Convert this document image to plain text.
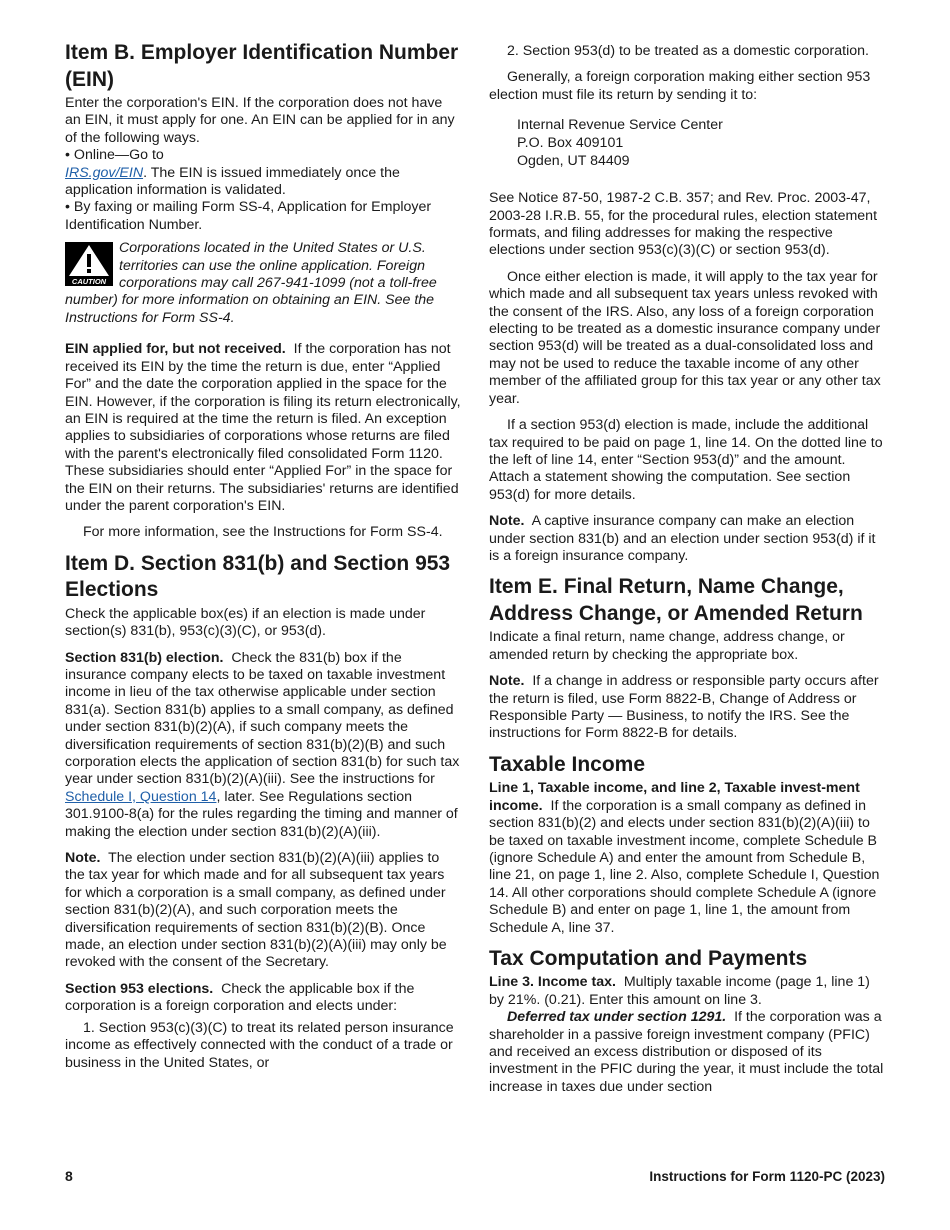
Item B. Employer Identification Number (EIN)

Enter the corporation's EIN. If the corporation does not have an EIN, it must apply for one. An EIN can be applied for in any of the following ways.

• Online—Go to
IRS.gov/EIN. The EIN is issued immediately once the application information is validated.
• By faxing or mailing Form SS-4, Application for Employer Identification Number.
CAUTION
Corporations located in the United States or U.S. territories can use the online application. Foreign corporations may call 267-941-1099 (not a toll-free number) for more information on obtaining an EIN. See the Instructions for Form SS-4.

EIN applied for, but not received. If the corporation has not received its EIN by the time the return is due, enter “Applied For” and the date the corporation applied in the space for the EIN. However, if the corporation is filing its return electronically, an EIN is required at the time the return is filed. An exception applies to subsidiaries of corporations whose returns are filed with the parent's electronically filed consolidated Form 1120. These subsidiaries should enter “Applied For” in the space for the EIN on their returns. The subsidiaries' returns are identified under the parent corporation's EIN.

For more information, see the Instructions for Form SS-4.

Item D. Section 831(b) and Section 953 Elections

Check the applicable box(es) if an election is made under section(s) 831(b), 953(c)(3)(C), or 953(d).

Section 831(b) election. Check the 831(b) box if the insurance company elects to be taxed on taxable investment income in lieu of the tax otherwise applicable under section 831(a). Section 831(b) applies to a small company, as defined under section 831(b)(2)(A), if such company meets the diversification requirements of section 831(b)(2)(B) and such corporation elects the application of section 831(b) for such tax year under section 831(b)(2)(A)(iii). See the instructions for Schedule I, Question 14, later. See Regulations section 301.9100-8(a) for the rules regarding the timing and manner of making the election under section 831(b)(2)(A)(iii).

Note. The election under section 831(b)(2)(A)(iii) applies to the tax year for which made and for all subsequent tax years for which a corporation is a small company, as defined under section 831(b)(2)(A), and such corporation meets the diversification requirements of section 831(b)(2)(B). Once made, an election under section 831(b)(2)(A)(iii) may only be revoked with the consent of the Secretary.

Section 953 elections. Check the applicable box if the corporation is a foreign corporation and elects under:

1. Section 953(c)(3)(C) to treat its related person insurance income as effectively connected with the conduct of a trade or business in the United States, or

2. Section 953(d) to be treated as a domestic corporation.

Generally, a foreign corporation making either section 953 election must file its return by sending it to:

Internal Revenue Service Center
P.O. Box 409101
Ogden, UT 84409

See Notice 87-50, 1987-2 C.B. 357; and Rev. Proc. 2003-47, 2003-28 I.R.B. 55, for the procedural rules, election statement formats, and filing addresses for making the respective elections under section 953(c)(3)(C) or section 953(d).

Once either election is made, it will apply to the tax year for which made and all subsequent tax years unless revoked with the consent of the IRS. Also, any loss of a foreign corporation electing to be treated as a domestic insurance company under section 953(d) will be treated as a dual-consolidated loss and may not be used to reduce the taxable income of any other member of the affiliated group for this tax year or any other tax year.

If a section 953(d) election is made, include the additional tax required to be paid on page 1, line 14. On the dotted line to the left of line 14, enter “Section 953(d)” and the amount. Attach a statement showing the computation. See section 953(d) for more details.

Note. A captive insurance company can make an election under section 831(b) and an election under section 953(d) if it is a foreign insurance company.

Item E. Final Return, Name Change, Address Change, or Amended Return

Indicate a final return, name change, address change, or amended return by checking the appropriate box.

Note. If a change in address or responsible party occurs after the return is filed, use Form 8822-B, Change of Address or Responsible Party — Business, to notify the IRS. See the instructions for Form 8822-B for details.

Taxable Income

Line 1, Taxable income, and line 2, Taxable invest-ment income. If the corporation is a small company as defined in section 831(b)(2) and elects under section 831(b)(2)(A)(iii) to be taxed on taxable investment income, complete Schedule B (ignore Schedule A) and enter the amount from Schedule B, line 21, on page 1, line 2. Also, complete Schedule I, Question 14. All other corporations should complete Schedule A (ignore Schedule B) and enter on page 1, line 1, the amount from Schedule A, line 37.

Tax Computation and Payments

Line 3. Income tax. Multiply taxable income (page 1, line 1) by 21%. (0.21). Enter this amount on line 3.

Deferred tax under section 1291. If the corporation was a shareholder in a passive foreign investment company (PFIC) and received an excess distribution or disposed of its investment in the PFIC during the year, it must include the total increase in taxes due under section

8	Instructions for Form 1120-PC (2023)
